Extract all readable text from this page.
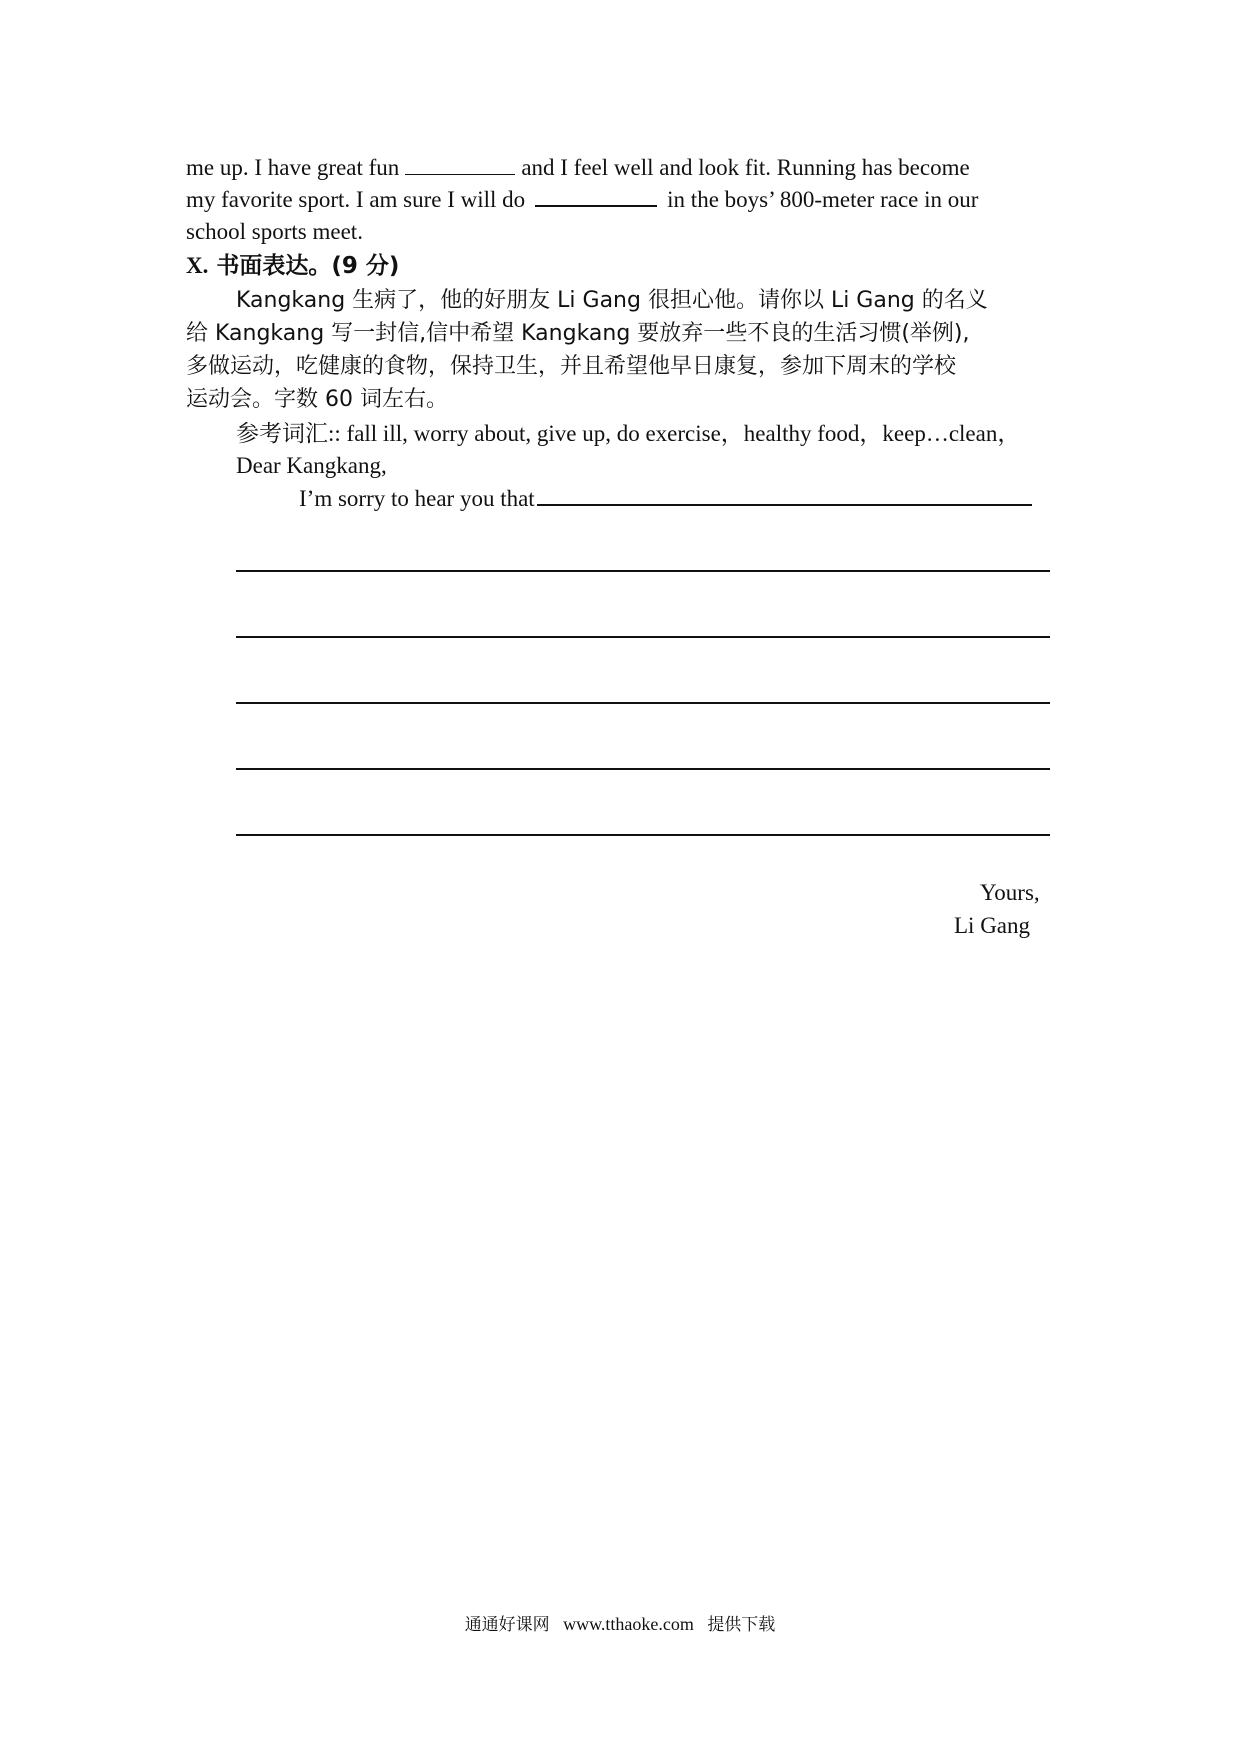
me up. I have great fun	and I feel well and look fit. Running has become

my favorite sport. I am sure I will do	in the boys’ 800-meter race in our

school sports meet.

X. 书面表达。(9 分)

Kangkang 生病了，他的好朋友 Li Gang 很担心他。请你以 Li Gang 的名义

给 Kangkang 写一封信,信中希望 Kangkang 要放弃一些不良的生活习惯(举例),

多做运动，吃健康的食物，保持卫生，并且希望他早日康复，参加下周末的学校

运动会。字数 60 词左右。

参考词汇:: fall ill, worry about, give up, do exercise，healthy food，keep…clean，

Dear Kangkang,

I’m sorry to hear you that

Yours,

Li Gang

通通好课网 www.tthaoke.com 提供下载
